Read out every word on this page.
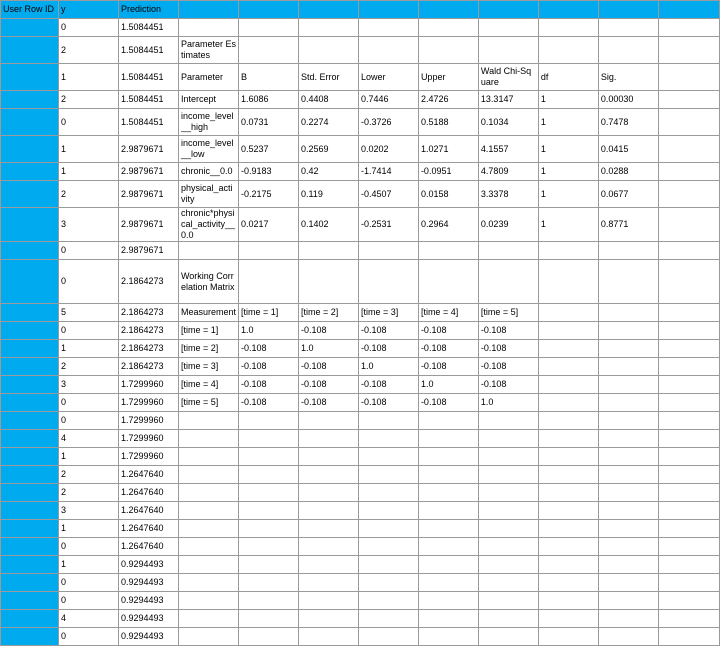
User Row ID	y	Prediction									
	0	1.5084451									
	2	1.5084451	Parameter Estimates								
	1	1.5084451	Parameter	B	Std. Error	Lower	Upper	Wald Chi-Square	df	Sig.	
	2	1.5084451	Intercept	1.6086	0.4408	0.7446	2.4726	13.3147	1	0.00030	
	0	1.5084451	income_level__high	0.0731	0.2274	-0.3726	0.5188	0.1034	1	0.7478	
	1	2.9879671	income_level__low	0.5237	0.2569	0.0202	1.0271	4.1557	1	0.0415	
	1	2.9879671	chronic__0.0	-0.9183	0.42	-1.7414	-0.0951	4.7809	1	0.0288	
	2	2.9879671	physical_activity	-0.2175	0.119	-0.4507	0.0158	3.3378	1	0.0677	
	3	2.9879671	chronic*physical_activity__0.0	0.0217	0.1402	-0.2531	0.2964	0.0239	1	0.8771	
	0	2.9879671									
	0	2.1864273	Working Correlation Matrix								
	5	2.1864273	Measurement	[time = 1]	[time = 2]	[time = 3]	[time = 4]	[time = 5]			
	0	2.1864273	[time = 1]	1.0	-0.108	-0.108	-0.108	-0.108			
	1	2.1864273	[time = 2]	-0.108	1.0	-0.108	-0.108	-0.108			
	2	2.1864273	[time = 3]	-0.108	-0.108	1.0	-0.108	-0.108			
	3	1.7299960	[time = 4]	-0.108	-0.108	-0.108	1.0	-0.108			
	0	1.7299960	[time = 5]	-0.108	-0.108	-0.108	-0.108	1.0			
	0	1.7299960									
	4	1.7299960									
	1	1.7299960									
	2	1.2647640									
	2	1.2647640									
	3	1.2647640									
	1	1.2647640									
	0	1.2647640									
	1	0.9294493									
	0	0.9294493									
	0	0.9294493									
	4	0.9294493									
	0	0.9294493									
